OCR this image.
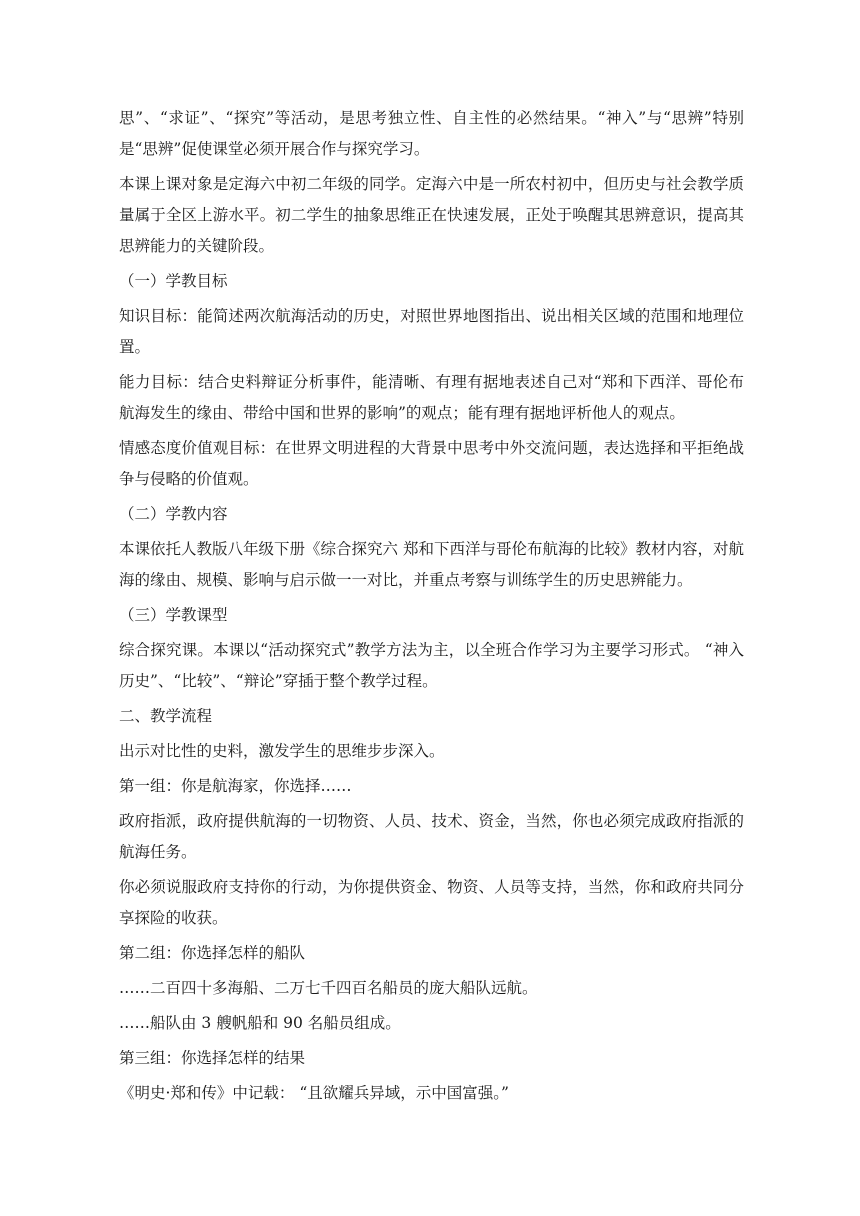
思”、“求证”、“探究”等活动，是思考独立性、自主性的必然结果。“神入”与“思辨”特别是“思辨”促使课堂必须开展合作与探究学习。

本课上课对象是定海六中初二年级的同学。定海六中是一所农村初中，但历史与社会教学质量属于全区上游水平。初二学生的抽象思维正在快速发展，正处于唤醒其思辨意识，提高其思辨能力的关键阶段。

（一）学教目标

知识目标：能简述两次航海活动的历史，对照世界地图指出、说出相关区域的范围和地理位置。

能力目标：结合史料辩证分析事件，能清晰、有理有据地表述自己对“郑和下西洋、哥伦布航海发生的缘由、带给中国和世界的影响”的观点；能有理有据地评析他人的观点。

情感态度价值观目标：在世界文明进程的大背景中思考中外交流问题，表达选择和平拒绝战争与侵略的价值观。

（二）学教内容

本课依托人教版八年级下册《综合探究六 郑和下西洋与哥伦布航海的比较》教材内容，对航海的缘由、规模、影响与启示做一一对比，并重点考察与训练学生的历史思辨能力。

（三）学教课型

综合探究课。本课以“活动探究式”教学方法为主，以全班合作学习为主要学习形式。 “神入历史”、“比较”、“辩论”穿插于整个教学过程。

二、教学流程

出示对比性的史料，激发学生的思维步步深入。

第一组：你是航海家，你选择……

政府指派，政府提供航海的一切物资、人员、技术、资金，当然，你也必须完成政府指派的航海任务。

你必须说服政府支持你的行动，为你提供资金、物资、人员等支持，当然，你和政府共同分享探险的收获。

第二组：你选择怎样的船队

……二百四十多海船、二万七千四百名船员的庞大船队远航。

……船队由 3 艘帆船和 90 名船员组成。

第三组：你选择怎样的结果

《明史·郑和传》中记载： “且欲耀兵异域，示中国富强。”
